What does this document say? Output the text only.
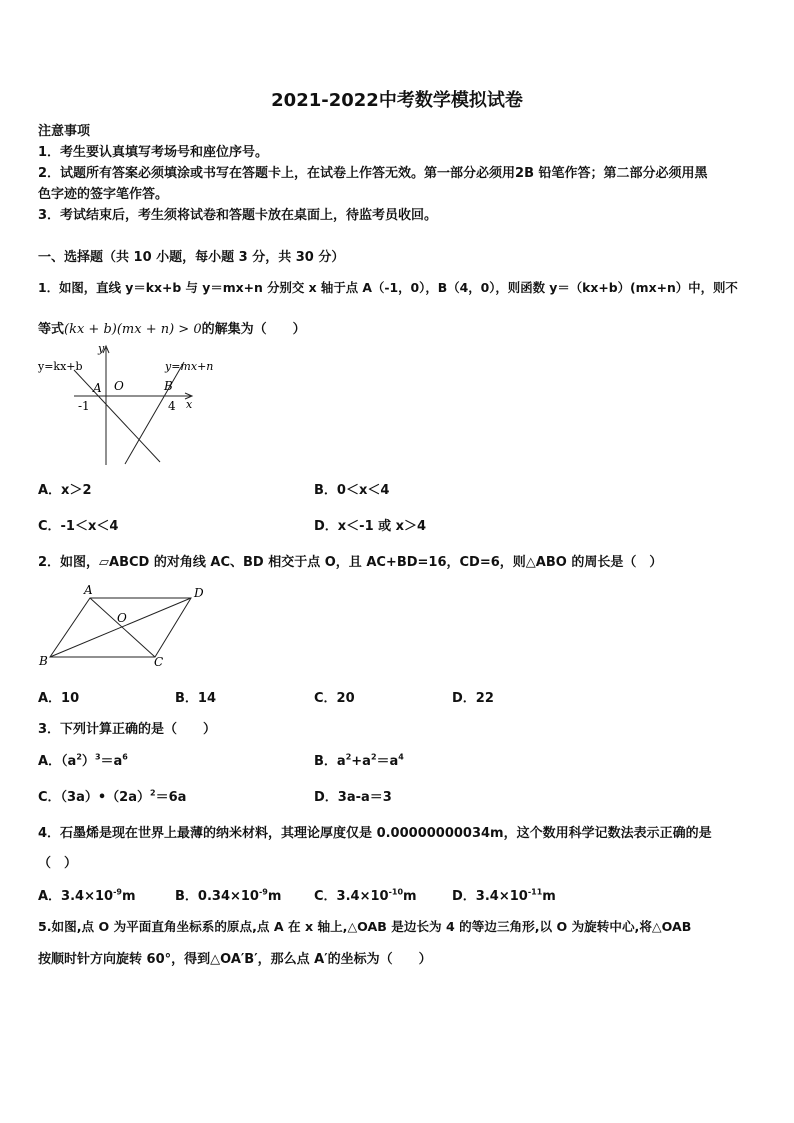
2021-2022中考数学模拟试卷
注意事项
1．考生要认真填写考场号和座位序号。
2．试题所有答案必须填涂或书写在答题卡上，在试卷上作答无效。第一部分必须用2B 铅笔作答；第二部分必须用黑
色字迹的签字笔作答。
3．考试结束后，考生须将试卷和答题卡放在桌面上，待监考员收回。
一、选择题（共 10 小题，每小题 3 分，共 30 分）
1．如图，直线 y＝kx+b 与 y＝mx+n 分别交 x 轴于点 A（-1，0），B（4，0），则函数 y＝（kx+b）(mx+n）中，则不
等式(kx + b)(mx + n) > 0的解集为（　　）
y=kx+b	y=mx+n
y
x
A O	B
-1	4
A．x＞2	B．0＜x＜4
C．-1＜x＜4	D．x＜-1 或 x＞4
2．如图，▱ABCD 的对角线 AC、BD 相交于点 O，且 AC+BD=16，CD=6，则△ABO 的周长是（　）
A	D
O
B	C
A．10	B．14	C．20	D．22
3．下列计算正确的是（　　）
A．$(a^2)^3=a^6$	B．$a^2+a^2=a^4$
C．$(3a)•(2a)^2=6a$	D．3a-a＝3
4．石墨烯是现在世界上最薄的纳米材料，其理论厚度仅是 0.00000000034m，这个数用科学记数法表示正确的是
（　）
A．$3.4\times 10^{-9}m$	B．$0.34\times 10^{-9}m$	C．$3.4\times 10^{-10}m$	D．$3.4\times 10^{-11}m$
5.如图,点 O 为平面直角坐标系的原点,点 A 在 x 轴上,△OAB 是边长为 4 的等边三角形,以 O 为旋转中心,将△OAB
按顺时针方向旋转 60°，得到△OA′B′，那么点 A′的坐标为（　　）
